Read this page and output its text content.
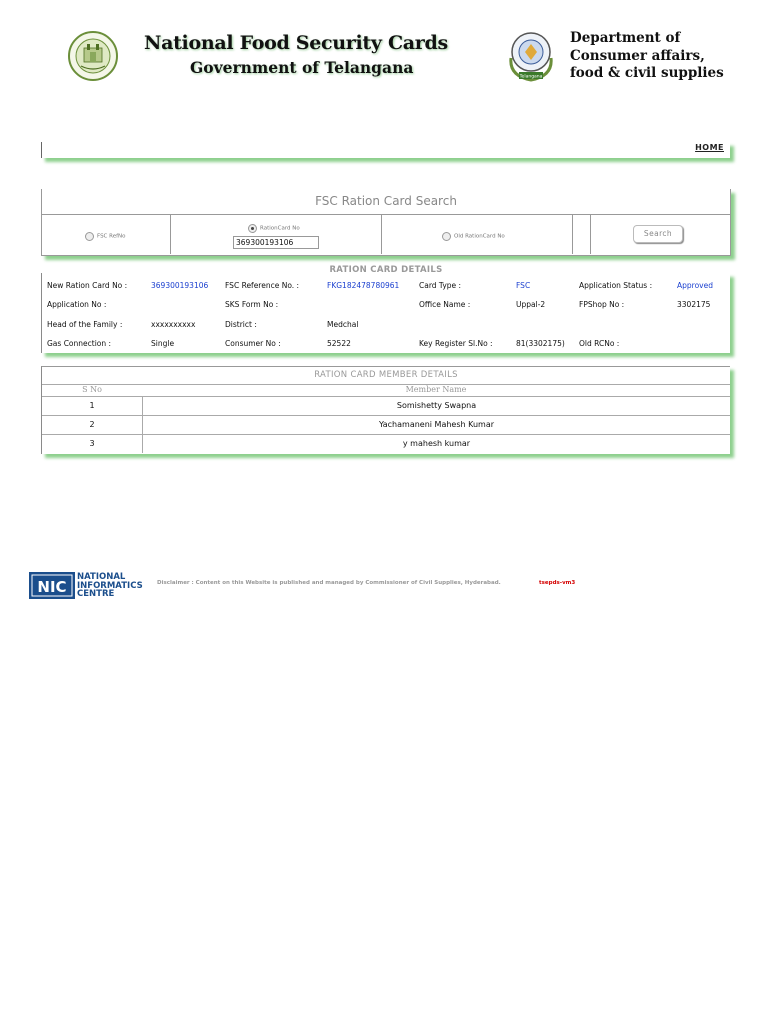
National Food Security Cards
Government of Telangana	Telangana
Department of
Consumer affairs,
food & civil supplies
HOME
FSC Ration Card Search
FSC RefNo
RationCard No
369300193106
Old RationCard No	Search
RATION CARD DETAILS
New Ration Card No :	369300193106 FSC Reference No. :	FKG182478780961	Card Type :	FSC	Application Status :	Approved
Application No :	SKS Form No :	Office Name :	Uppal-2	FPShop No :	3302175
Head of the Family :	xxxxxxxxxx	District :	Medchal
Gas Connection :	Single	Consumer No :	52522	Key Register Sl.No :	81(3302175) Old RCNo :
RATION CARD MEMBER DETAILS
S No	Member Name
1	Somishetty Swapna
2	Yachamaneni Mahesh Kumar
3	y mahesh kumar
NIC
NATIONAL
INFORMATICS
CENTRE
Disclaimer : Content on this Website is published and managed by Commissioner of Civil Supplies, Hyderabad.	tsepds-vm3
